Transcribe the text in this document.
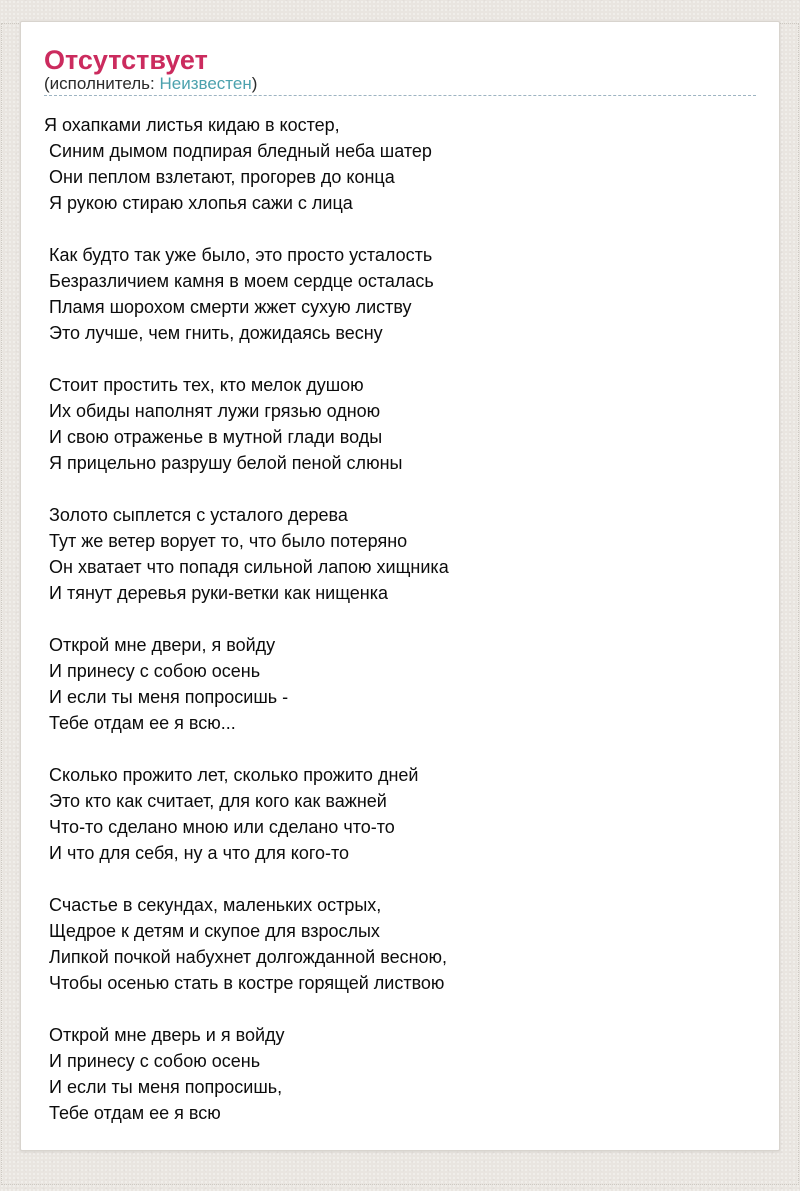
Отсутствует
(исполнитель: Неизвестен)

Я охапками листья кидаю в костер,
Синим дымом подпирая бледный неба шатер
Они пеплом взлетают, прогорев до конца
Я рукою стираю хлопья сажи с лица

Как будто так уже было, это просто усталость
Безразличием камня в моем сердце осталась
Пламя шорохом смерти жжет сухую листву
Это лучше, чем гнить, дожидаясь весну

Стоит простить тех, кто мелок душою
Их обиды наполнят лужи грязью одною
И свою отраженье в мутной глади воды
Я прицельно разрушу белой пеной слюны

Золото сыплется с усталого дерева
Тут же ветер ворует то, что было потеряно
Он хватает что попадя сильной лапою хищника
И тянут деревья руки-ветки как нищенка

Открой мне двери, я войду
И принесу с собою осень
И если ты меня попросишь -
Тебе отдам ее я всю...

Сколько прожито лет, сколько прожито дней
Это кто как считает, для кого как важней
Что-то сделано мною или сделано что-то
И что для себя, ну а что для кого-то

Счастье в секундах, маленьких острых,
Щедрое к детям и скупое для взрослых
Липкой почкой набухнет долгожданной весною,
Чтобы осенью стать в костре горящей листвою

Открой мне дверь и я войду
И принесу с собою осень
И если ты меня попросишь,
Тебе отдам ее я всю
